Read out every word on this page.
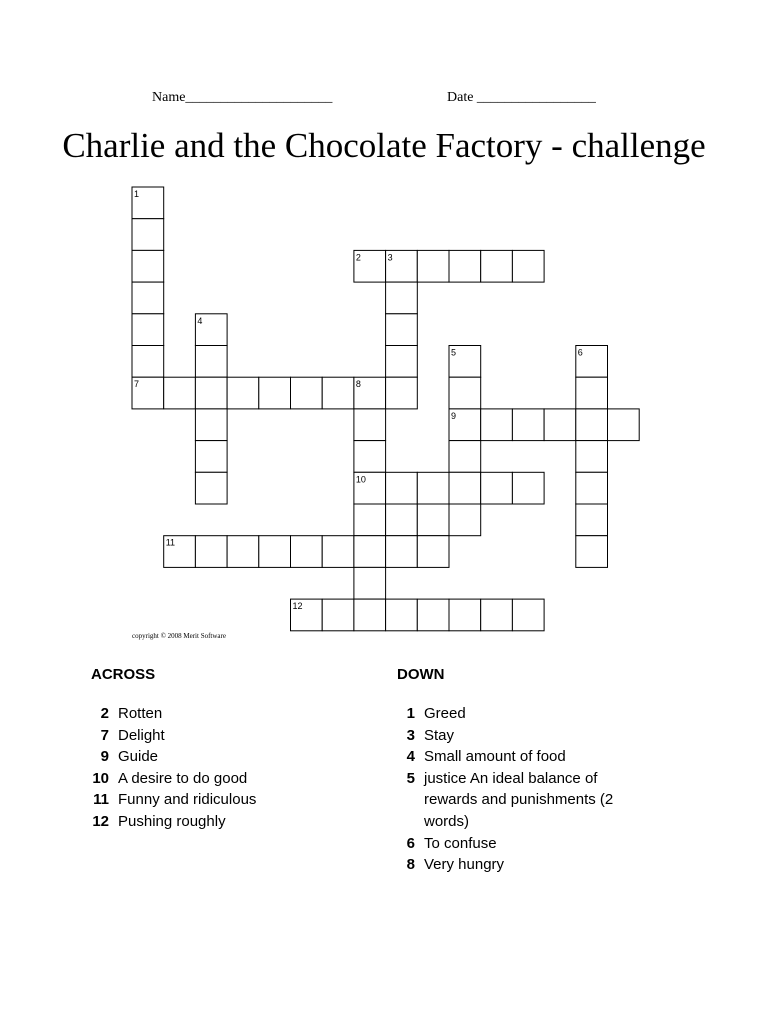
Name_____________________	Date _________________
Charlie and the Chocolate Factory - challenge
1
2	3
4
5	6
7	8
9
10
11
12
copyright © 2008 Merit Software
ACROSS
2 Rotten
7 Delight
9 Guide
10 A desire to do good
11 Funny and ridiculous
12 Pushing roughly
DOWN
1 Greed
3 Stay
4 Small amount of food
5 justice An ideal balance of rewards and punishments (2 words)
6 To confuse
8 Very hungry
